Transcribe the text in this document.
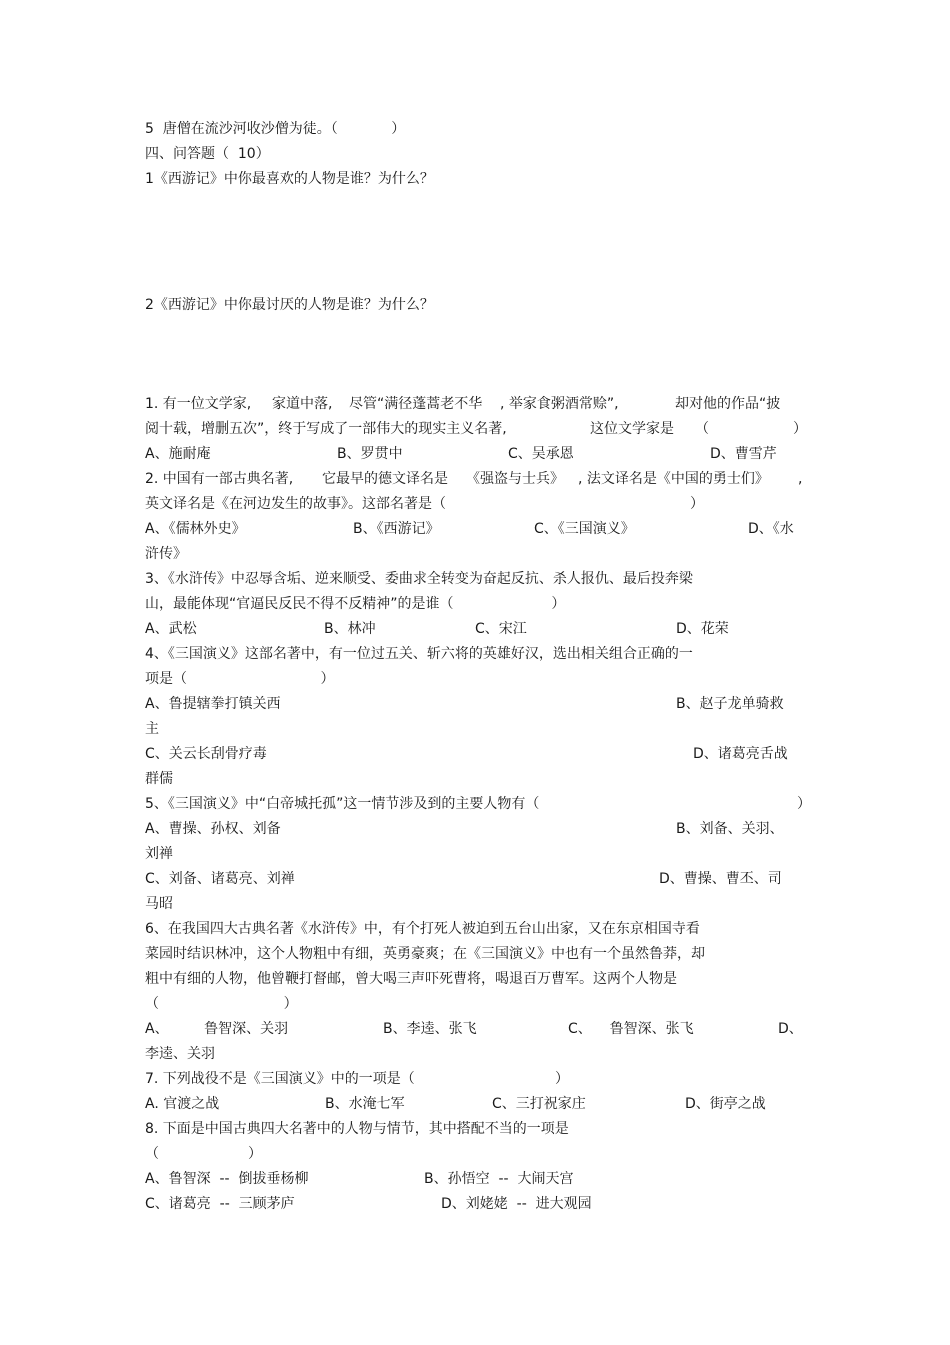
5  唐僧在流沙河收沙僧为徒。（            ）
四、问答题（  10）
1《西游记》中你最喜欢的人物是谁？为什么？
2《西游记》中你最讨厌的人物是谁？为什么？
1. 有一位文学家, 家道中落, 尽管“满径蓬蒿老不华 , 举家食粥酒常赊”,	却对他的作品“披
阅十载，增删五次”，终于写成了一部伟大的现实主义名著,	这位文学家是 （	）
A、施耐庵	B、罗贯中	C、吴承恩	D、曹雪芹
2. 中国有一部古典名著, 它最早的德文译名是 《强盗与士兵》 , 法文译名是《中国的勇士们》 ,
英文译名是《在河边发生的故事》。这部名著是（	）
A、《儒林外史》	B、《西游记》	C、《三国演义》	D、《水
浒传》
3、《水浒传》中忍辱含垢、逆来顺受、委曲求全转变为奋起反抗、杀人报仇、最后投奔梁
山，最能体现“官逼民反民不得不反精神”的是谁（                      ）
A、武松	B、林冲	C、宋江	D、花荣
4、《三国演义》这部名著中，有一位过五关、斩六将的英雄好汉，选出相关组合正确的一
项是（                              ）
A、鲁提辖拳打镇关西	B、赵子龙单骑救
主
C、关云长刮骨疗毒	D、诸葛亮舌战
群儒
5、《三国演义》中“白帝城托孤”这一情节涉及到的主要人物有（	）
A、曹操、孙权、刘备	B、刘备、关羽、
刘禅
C、刘备、诸葛亮、刘禅	D、曹操、曹丕、司
马昭
6、在我国四大古典名著《水浒传》中，有个打死人被迫到五台山出家，又在东京相国寺看
菜园时结识林冲，这个人物粗中有细，英勇豪爽；在《三国演义》中也有一个虽然鲁莽，却
粗中有细的人物，他曾鞭打督邮，曾大喝三声吓死曹将，喝退百万曹军。这两个人物是
（                            ）
A、        鲁智深、关羽	B、李逵、张飞	C、    鲁智深、张飞	D、
李逵、关羽
7. 下列战役不是《三国演义》中的一项是（	）
A. 官渡之战	B、水淹七军	C、三打祝家庄	D、街亭之战
8. 下面是中国古典四大名著中的人物与情节，其中搭配不当的一项是
（                    ）
A、鲁智深  --  倒拔垂杨柳	B、孙悟空  --  大闹天宫
C、诸葛亮  --  三顾茅庐	D、刘姥姥  --  进大观园
